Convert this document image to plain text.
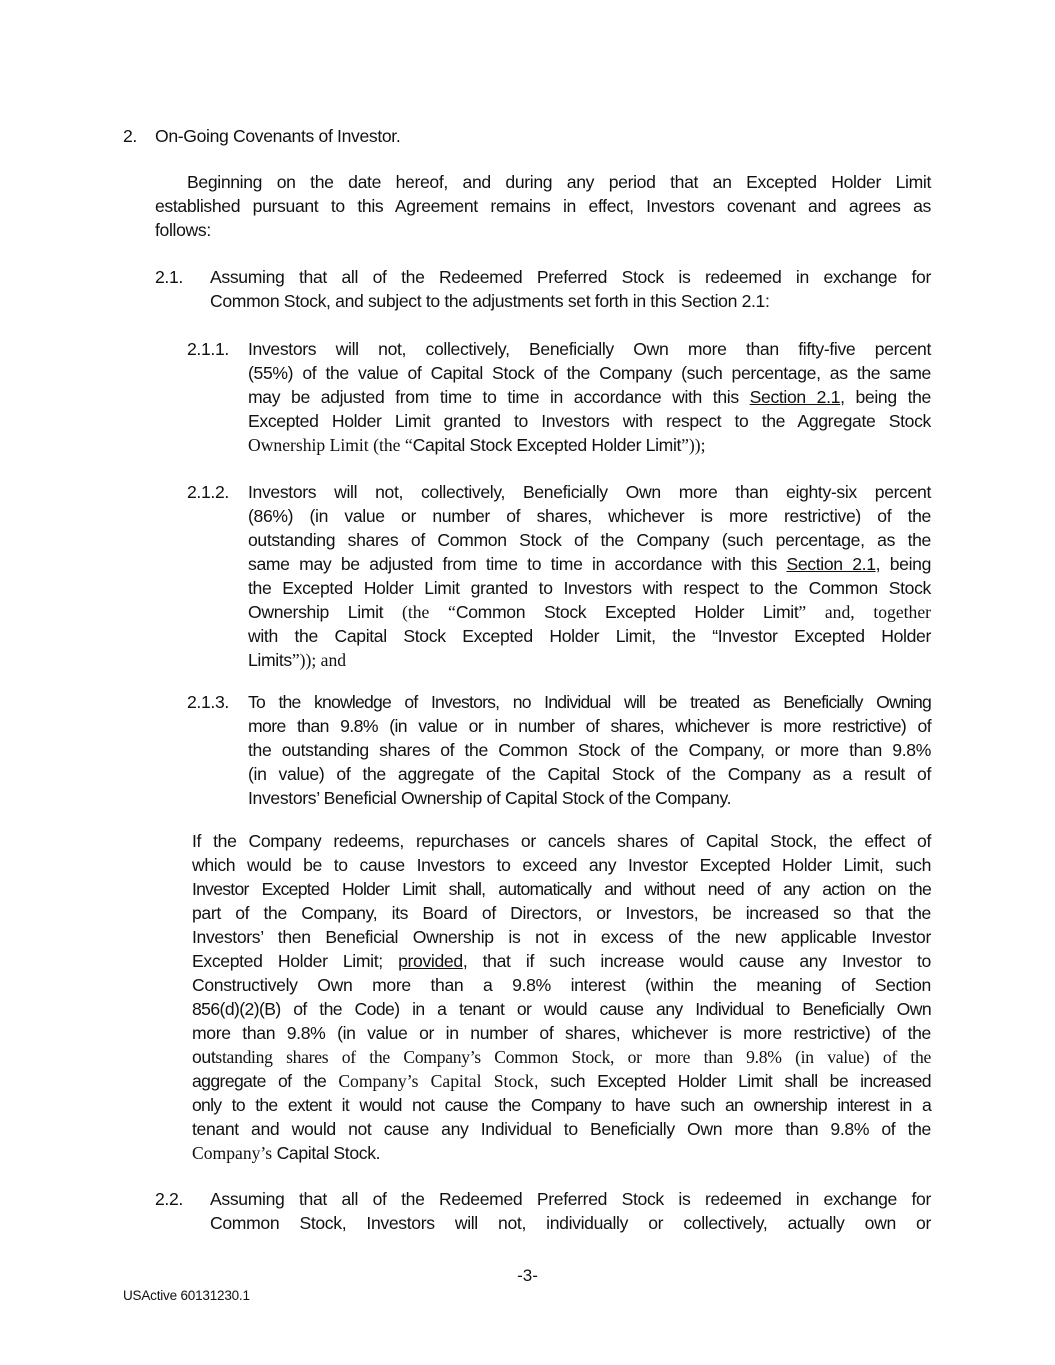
2. On-Going Covenants of Investor.
Beginning on the date hereof, and during any period that an Excepted Holder Limit
established pursuant to this Agreement remains in effect, Investors covenant and agrees as
follows:
2.1. Assuming that all of the Redeemed Preferred Stock is redeemed in exchange for
Common Stock, and subject to the adjustments set forth in this Section 2.1:
2.1.1. Investors will not, collectively, Beneficially Own more than fifty-five percent
(55%) of the value of Capital Stock of the Company (such percentage, as the same
may be adjusted from time to time in accordance with this Section 2.1, being the
Excepted Holder Limit granted to Investors with respect to the Aggregate Stock
Ownership Limit (the “Capital Stock Excepted Holder Limit”));
2.1.2. Investors will not, collectively, Beneficially Own more than eighty-six percent
(86%) (in value or number of shares, whichever is more restrictive) of the
outstanding shares of Common Stock of the Company (such percentage, as the
same may be adjusted from time to time in accordance with this Section 2.1, being
the Excepted Holder Limit granted to Investors with respect to the Common Stock
Ownership Limit (the “Common Stock Excepted Holder Limit” and, together
with the Capital Stock Excepted Holder Limit, the “Investor Excepted Holder
Limits”)); and
2.1.3. To the knowledge of Investors, no Individual will be treated as Beneficially Owning
more than 9.8% (in value or in number of shares, whichever is more restrictive) of
the outstanding shares of the Common Stock of the Company, or more than 9.8%
(in value) of the aggregate of the Capital Stock of the Company as a result of
Investors’ Beneficial Ownership of Capital Stock of the Company.
If the Company redeems, repurchases or cancels shares of Capital Stock, the effect of
which would be to cause Investors to exceed any Investor Excepted Holder Limit, such
Investor Excepted Holder Limit shall, automatically and without need of any action on the
part of the Company, its Board of Directors, or Investors, be increased so that the
Investors’ then Beneficial Ownership is not in excess of the new applicable Investor
Excepted Holder Limit; provided, that if such increase would cause any Investor to
Constructively Own more than a 9.8% interest (within the meaning of Section
856(d)(2)(B) of the Code) in a tenant or would cause any Individual to Beneficially Own
more than 9.8% (in value or in number of shares, whichever is more restrictive) of the
outstanding shares of the Company’s Common Stock, or more than 9.8% (in value) of the
aggregate of the Company’s Capital Stock, such Excepted Holder Limit shall be increased
only to the extent it would not cause the Company to have such an ownership interest in a
tenant and would not cause any Individual to Beneficially Own more than 9.8% of the
Company’s Capital Stock.
2.2. Assuming that all of the Redeemed Preferred Stock is redeemed in exchange for
Common Stock, Investors will not, individually or collectively, actually own or
-3-
USActive 60131230.1
